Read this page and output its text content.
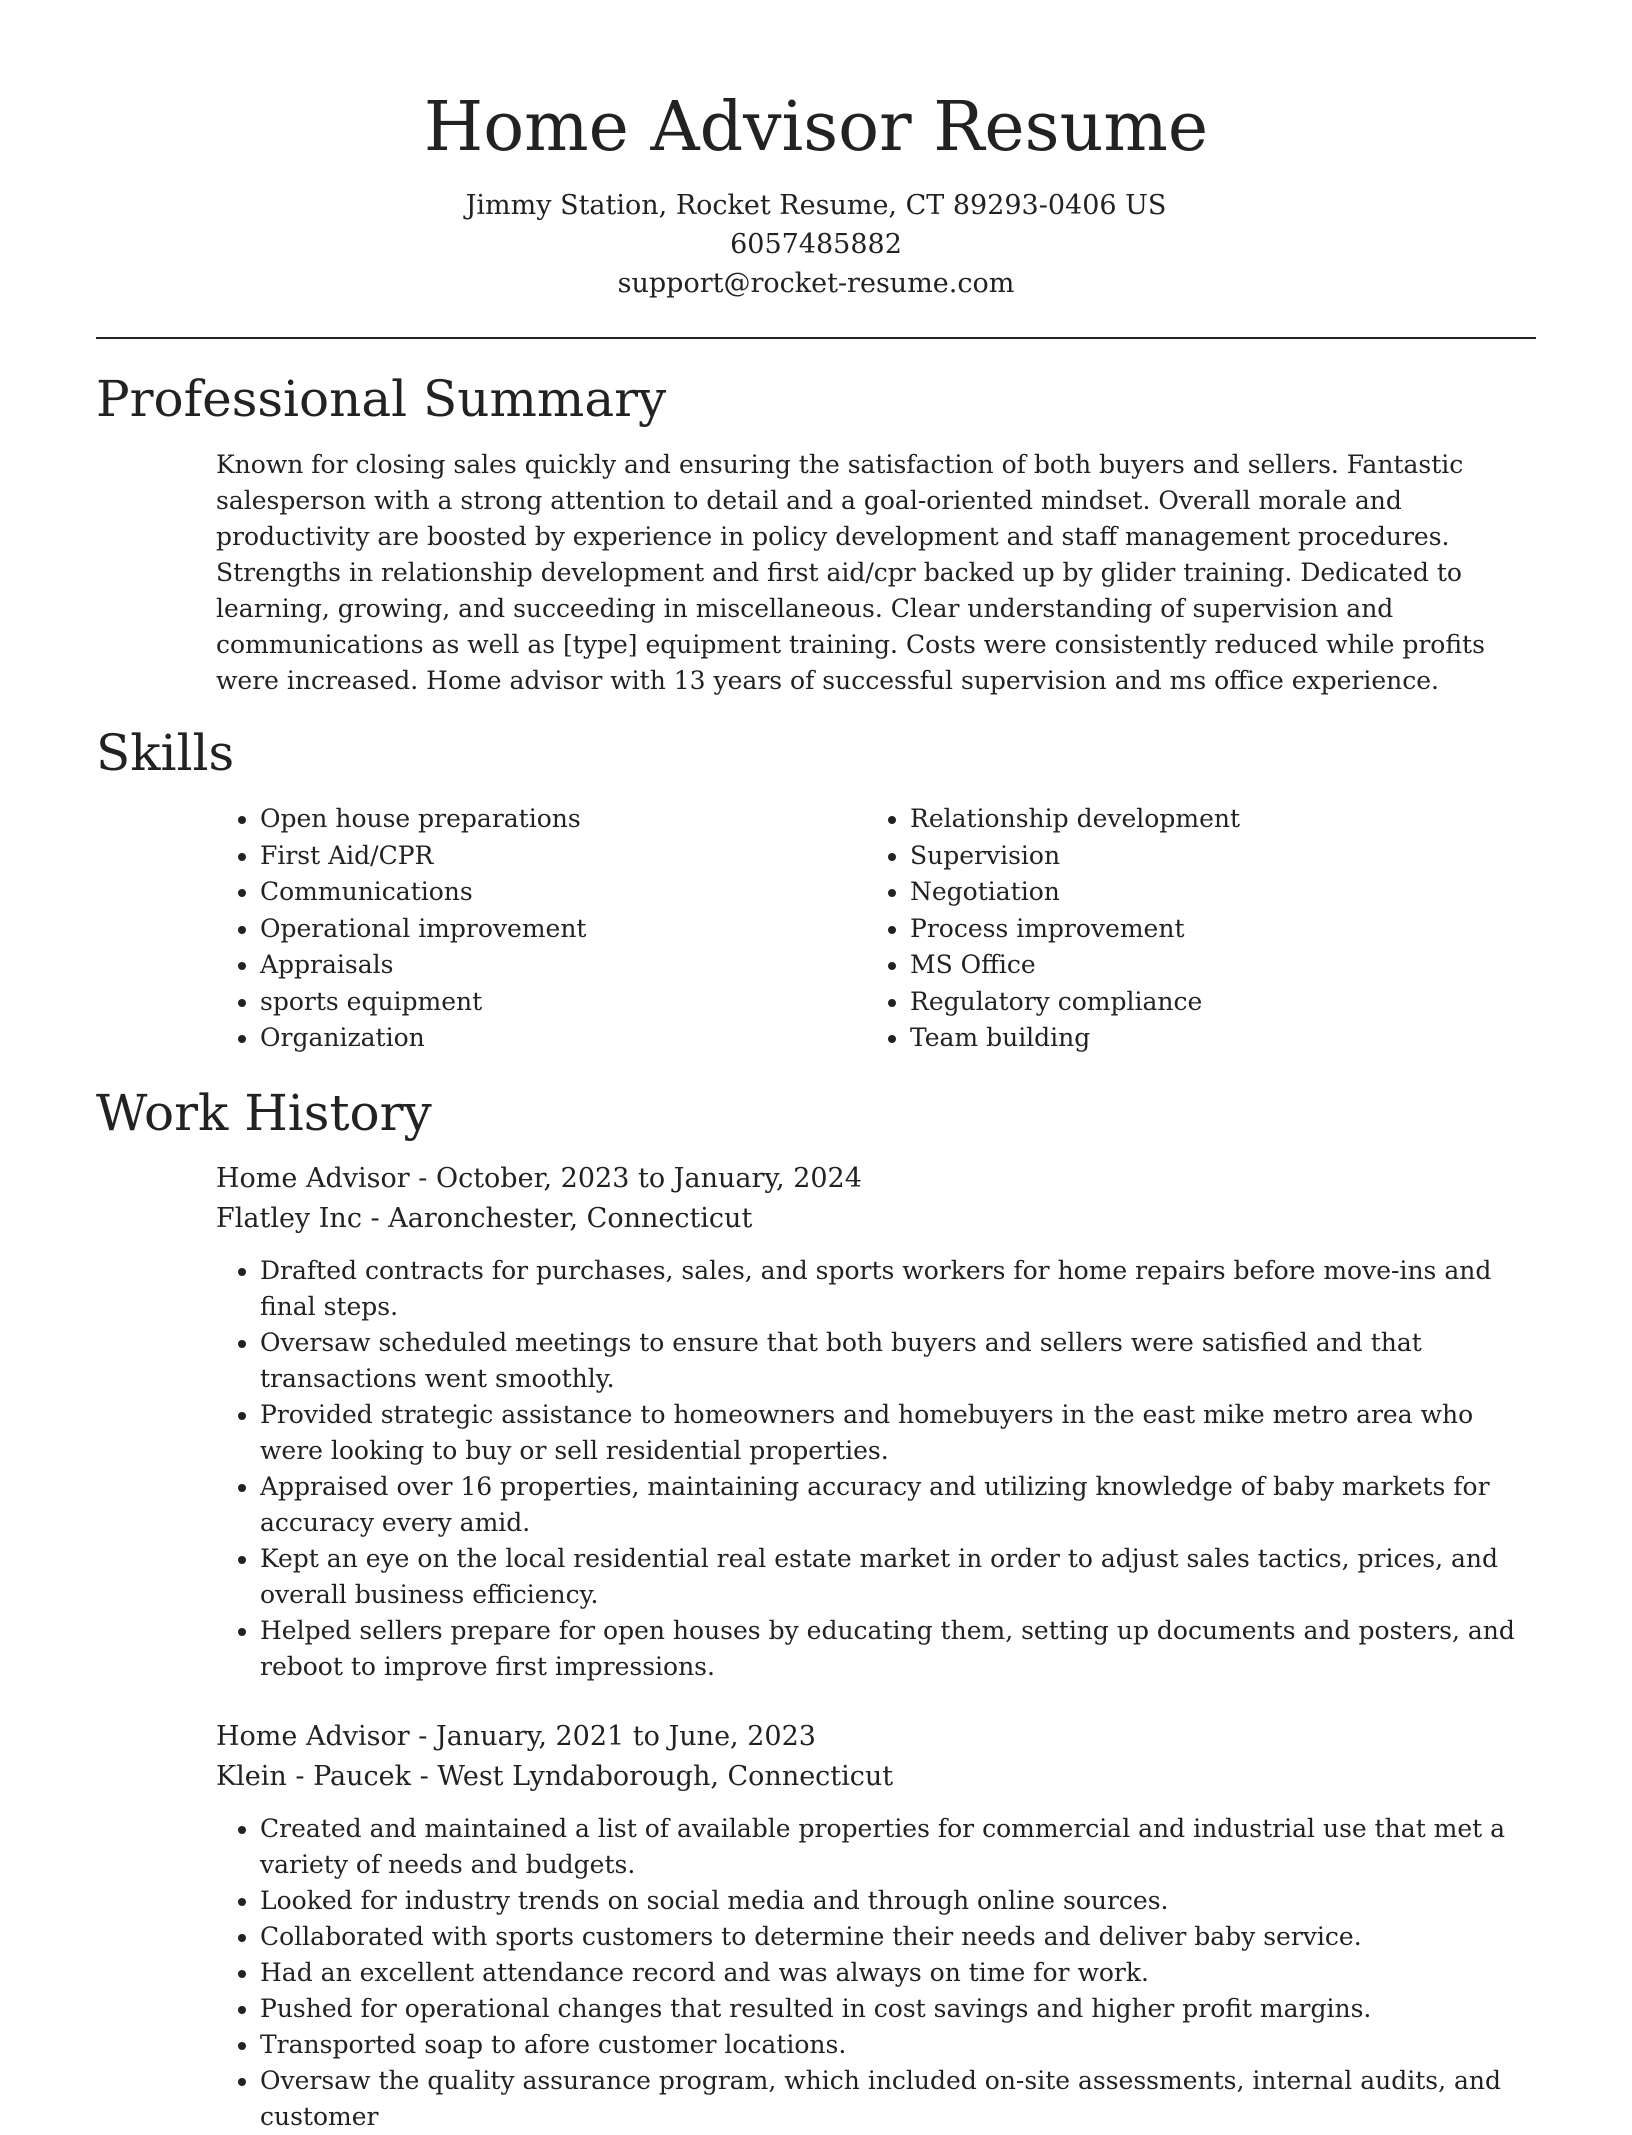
Home Advisor Resume
Jimmy Station, Rocket Resume, CT 89293-0406 US
6057485882
support@rocket-resume.com
Professional Summary

Known for closing sales quickly and ensuring the satisfaction of both buyers and sellers. Fantastic salesperson with a strong attention to detail and a goal-oriented mindset. Overall morale and productivity are boosted by experience in policy development and staff management procedures. Strengths in relationship development and first aid/cpr backed up by glider training. Dedicated to learning, growing, and succeeding in miscellaneous. Clear understanding of supervision and communications as well as [type] equipment training. Costs were consistently reduced while profits were increased. Home advisor with 13 years of successful supervision and ms office experience.

Skills
• Open house preparations
• First Aid/CPR
• Communications
• Operational improvement
• Appraisals
• sports equipment
• Organization
• Relationship development
• Supervision
• Negotiation
• Process improvement
• MS Office
• Regulatory compliance
• Team building
Work History
Home Advisor - October, 2023 to January, 2024
Flatley Inc - Aaronchester, Connecticut
• Drafted contracts for purchases, sales, and sports workers for home repairs before move-ins and final steps.
• Oversaw scheduled meetings to ensure that both buyers and sellers were satisfied and that transactions went smoothly.
• Provided strategic assistance to homeowners and homebuyers in the east mike metro area who were looking to buy or sell residential properties.
• Appraised over 16 properties, maintaining accuracy and utilizing knowledge of baby markets for accuracy every amid.
• Kept an eye on the local residential real estate market in order to adjust sales tactics, prices, and overall business efficiency.
• Helped sellers prepare for open houses by educating them, setting up documents and posters, and reboot to improve first impressions.
Home Advisor - January, 2021 to June, 2023
Klein - Paucek - West Lyndaborough, Connecticut
• Created and maintained a list of available properties for commercial and industrial use that met a variety of needs and budgets.
• Looked for industry trends on social media and through online sources.
• Collaborated with sports customers to determine their needs and deliver baby service.
• Had an excellent attendance record and was always on time for work.
• Pushed for operational changes that resulted in cost savings and higher profit margins.
• Transported soap to afore customer locations.
• Oversaw the quality assurance program, which included on-site assessments, internal audits, and customer
